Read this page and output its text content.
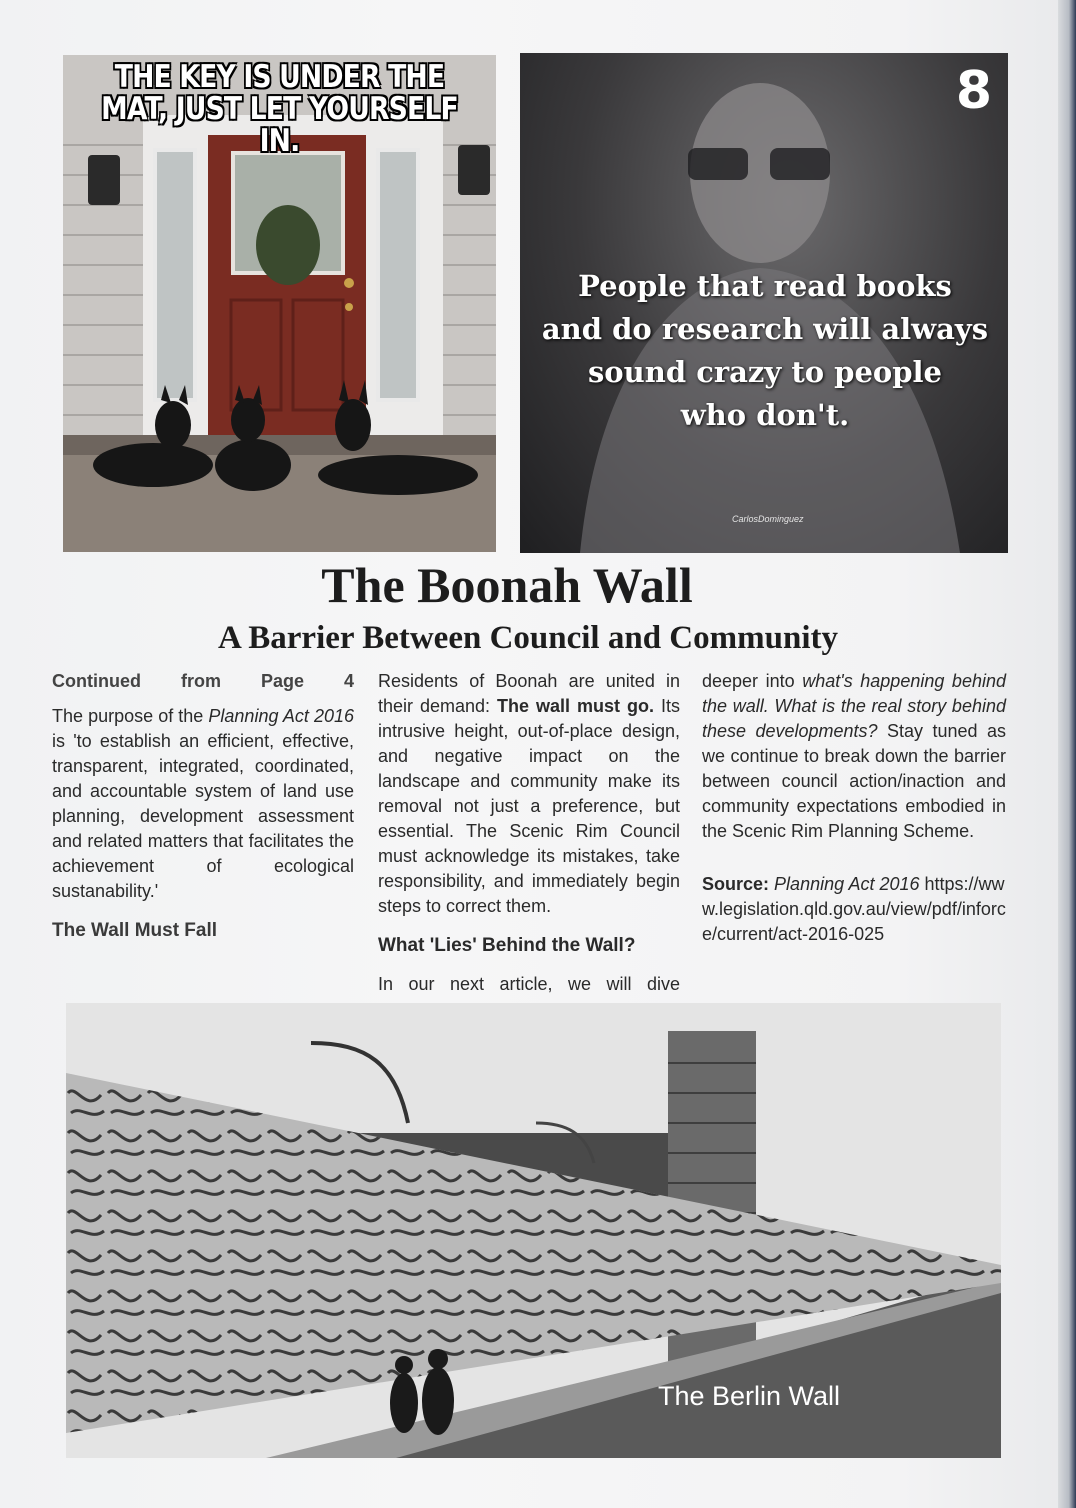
THE KEY IS UNDER THE
MAT, JUST LET YOURSELF IN.
8
People that read books
and do research will always
sound crazy to people
who don't.
CarlosDominguez
The Boonah Wall
A Barrier Between Council and Community

Continued from Page 4

The purpose of the Planning Act 2016 is 'to establish an efficient, effective, transparent, integrated, coordinated, and accountable system of land use planning, development assessment and related matters that facilitates the achievement of ecological sustanability.'

The Wall Must Fall

Residents of Boonah are united in their demand: The wall must go. Its intrusive height, out-of-place design, and negative impact on the landscape and community make its removal not just a preference, but essential. The Scenic Rim Council must acknowledge its mistakes, take responsibility, and immediately begin steps to correct them.

What 'Lies' Behind the Wall?

In our next article, we will dive

deeper into what's happening behind the wall. What is the real story behind these developments? Stay tuned as we continue to break down the barrier between council action/inaction and community expectations embodied in the Scenic Rim Planning Scheme.

Source: Planning Act 2016 https://www.legislation.qld.gov.au/view/pdf/inforce/current/act-2016-025

The Berlin Wall
